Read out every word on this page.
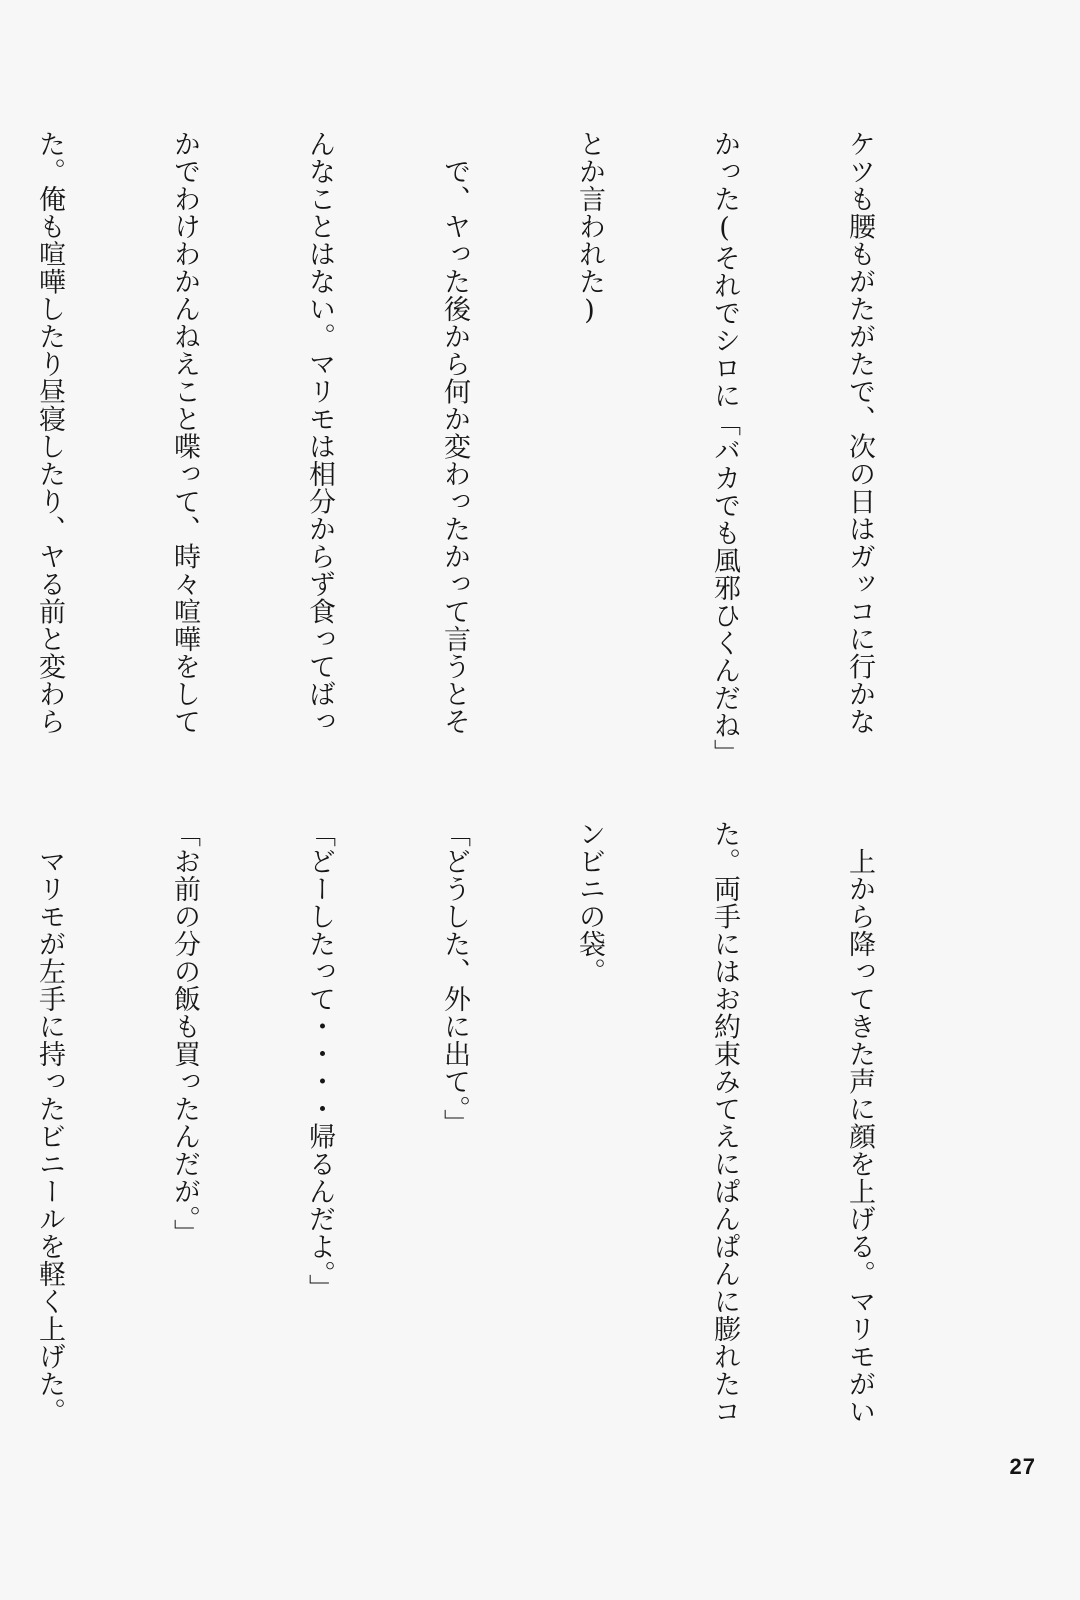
ケツも腰もがたがたで、次の日はガッコに行かな

かった(それでシロに「バカでも風邪ひくんだね」

とか言われた)

　で、ヤった後から何か変わったかって言うとそ

んなことはない。マリモは相分からず食ってばっ

かでわけわかんねえこと喋って、時々喧嘩をして

た。俺も喧嘩したり昼寝したり、ヤる前と変わら

　上から降ってきた声に顔を上げる。マリモがい

た。両手にはお約束みてえにぱんぱんに膨れたコ

ンビニの袋。

「どうした、外に出て。」

「どーしたって・・・・帰るんだよ。」

「お前の分の飯も買ったんだが。」

　マリモが左手に持ったビニールを軽く上げた。

27
